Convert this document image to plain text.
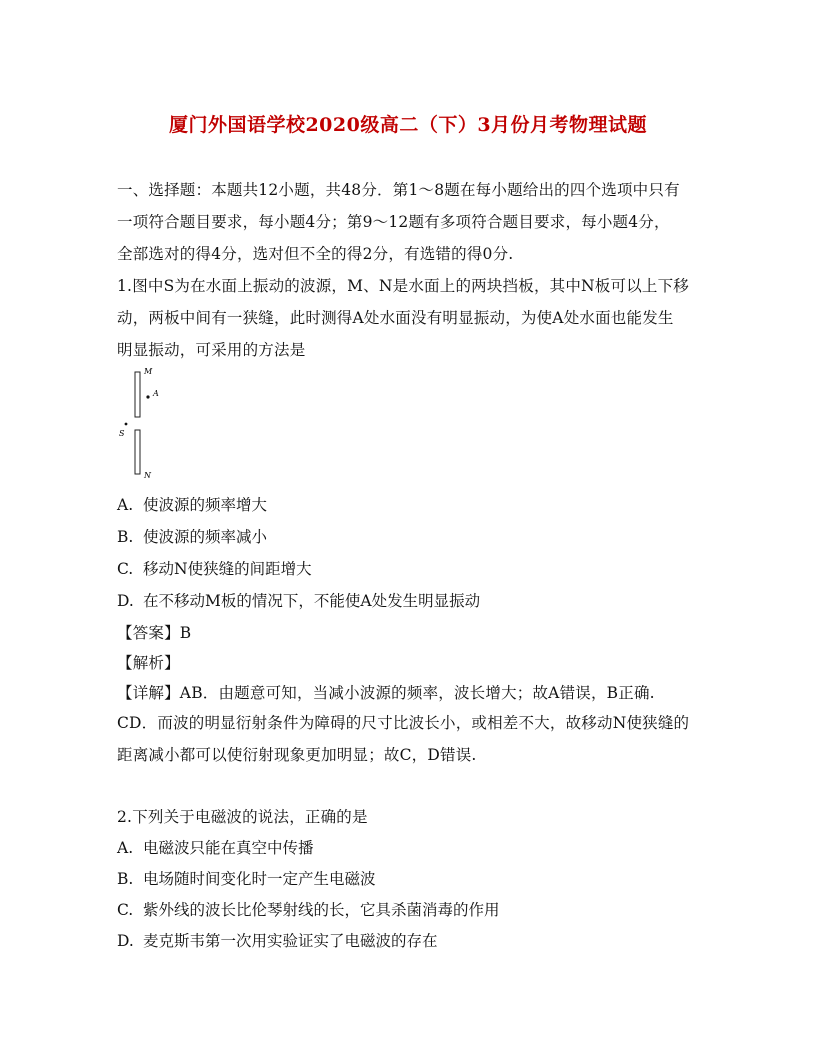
厦门外国语学校2020级高二（下）3月份月考物理试题
一、选择题：本题共12小题，共48分．第1～8题在每小题给出的四个选项中只有
一项符合题目要求，每小题4分；第9～12题有多项符合题目要求，每小题4分，
全部选对的得4分，选对但不全的得2分，有选错的得0分.
1.图中S为在水面上振动的波源，M、N是水面上的两块挡板，其中N板可以上下移
动，两板中间有一狭缝，此时测得A处水面没有明显振动，为使A处水面也能发生
明显振动，可采用的方法是
M
A
S
N
A. 使波源的频率增大
B. 使波源的频率减小
C. 移动N使狭缝的间距增大
D. 在不移动M板的情况下，不能使A处发生明显振动
【答案】B
【解析】
【详解】AB．由题意可知，当减小波源的频率，波长增大；故A错误，B正确.
CD．而波的明显衍射条件为障碍的尺寸比波长小，或相差不大，故移动N使狭缝的
距离减小都可以使衍射现象更加明显；故C，D错误.
2.下列关于电磁波的说法，正确的是
A. 电磁波只能在真空中传播
B. 电场随时间变化时一定产生电磁波
C. 紫外线的波长比伦琴射线的长，它具杀菌消毒的作用
D. 麦克斯韦第一次用实验证实了电磁波的存在
